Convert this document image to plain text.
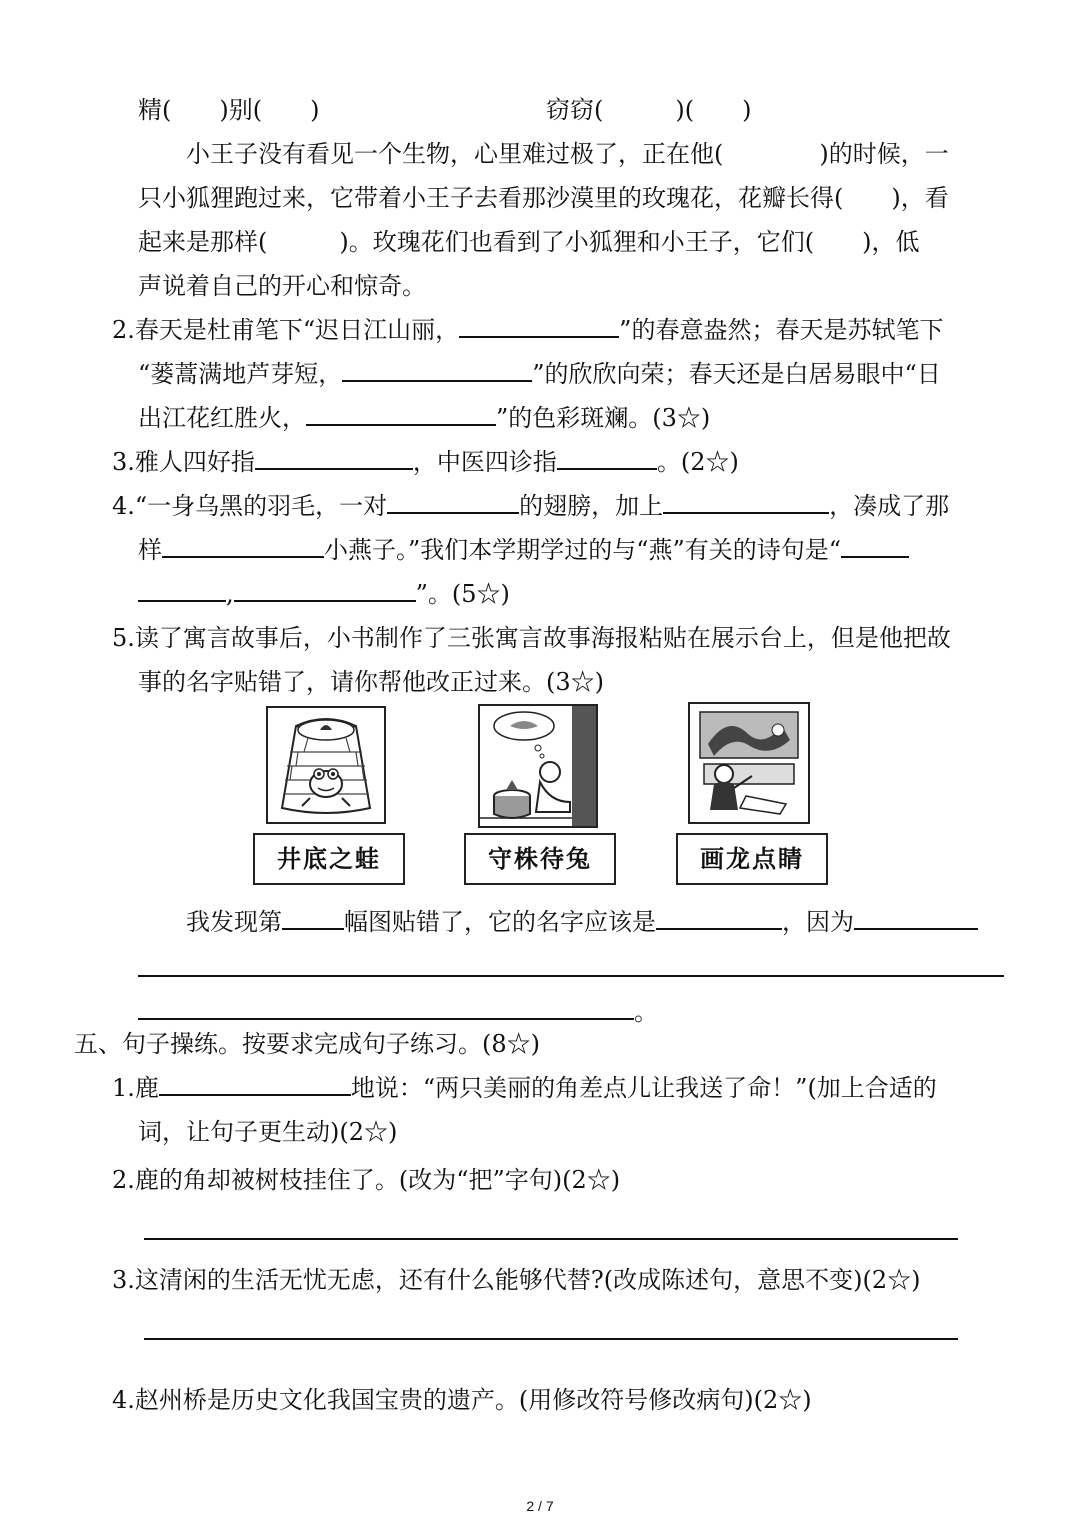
精(　　)别(　　)	窃窃(　　　)(　　)
小王子没有看见一个生物，心里难过极了，正在他(　　　　)的时候，一
只小狐狸跑过来，它带着小王子去看那沙漠里的玫瑰花，花瓣长得(　　)，看
起来是那样(　　　)。玫瑰花们也看到了小狐狸和小王子，它们(　　)，低
声说着自己的开心和惊奇。
2.春天是杜甫笔下“迟日江山丽，	”的春意盎然；春天是苏轼笔下
“蒌蒿满地芦芽短，	”的欣欣向荣；春天还是白居易眼中“日
出江花红胜火，	”的色彩斑斓。(3☆)
3.雅人四好指	，中医四诊指	。(2☆)
4.“一身乌黑的羽毛，一对	的翅膀，加上	，凑成了那
样	小燕子。”我们本学期学过的与“燕”有关的诗句是“
,	”。(5☆)
5.读了寓言故事后，小书制作了三张寓言故事海报粘贴在展示台上，但是他把故
事的名字贴错了，请你帮他改正过来。(3☆)
井底之蛙	守株待兔	画龙点睛
我发现第	幅图贴错了，它的名字应该是	，因为
。
五、句子操练。按要求完成句子练习。(8☆)
1.鹿	地说：“两只美丽的角差点儿让我送了命！”(加上合适的
词，让句子更生动)(2☆)
2.鹿的角却被树枝挂住了。(改为“把”字句)(2☆)
3.这清闲的生活无忧无虑，还有什么能够代替?(改成陈述句，意思不变)(2☆)
4.赵州桥是历史文化我国宝贵的遗产。(用修改符号修改病句)(2☆)
2 / 7
